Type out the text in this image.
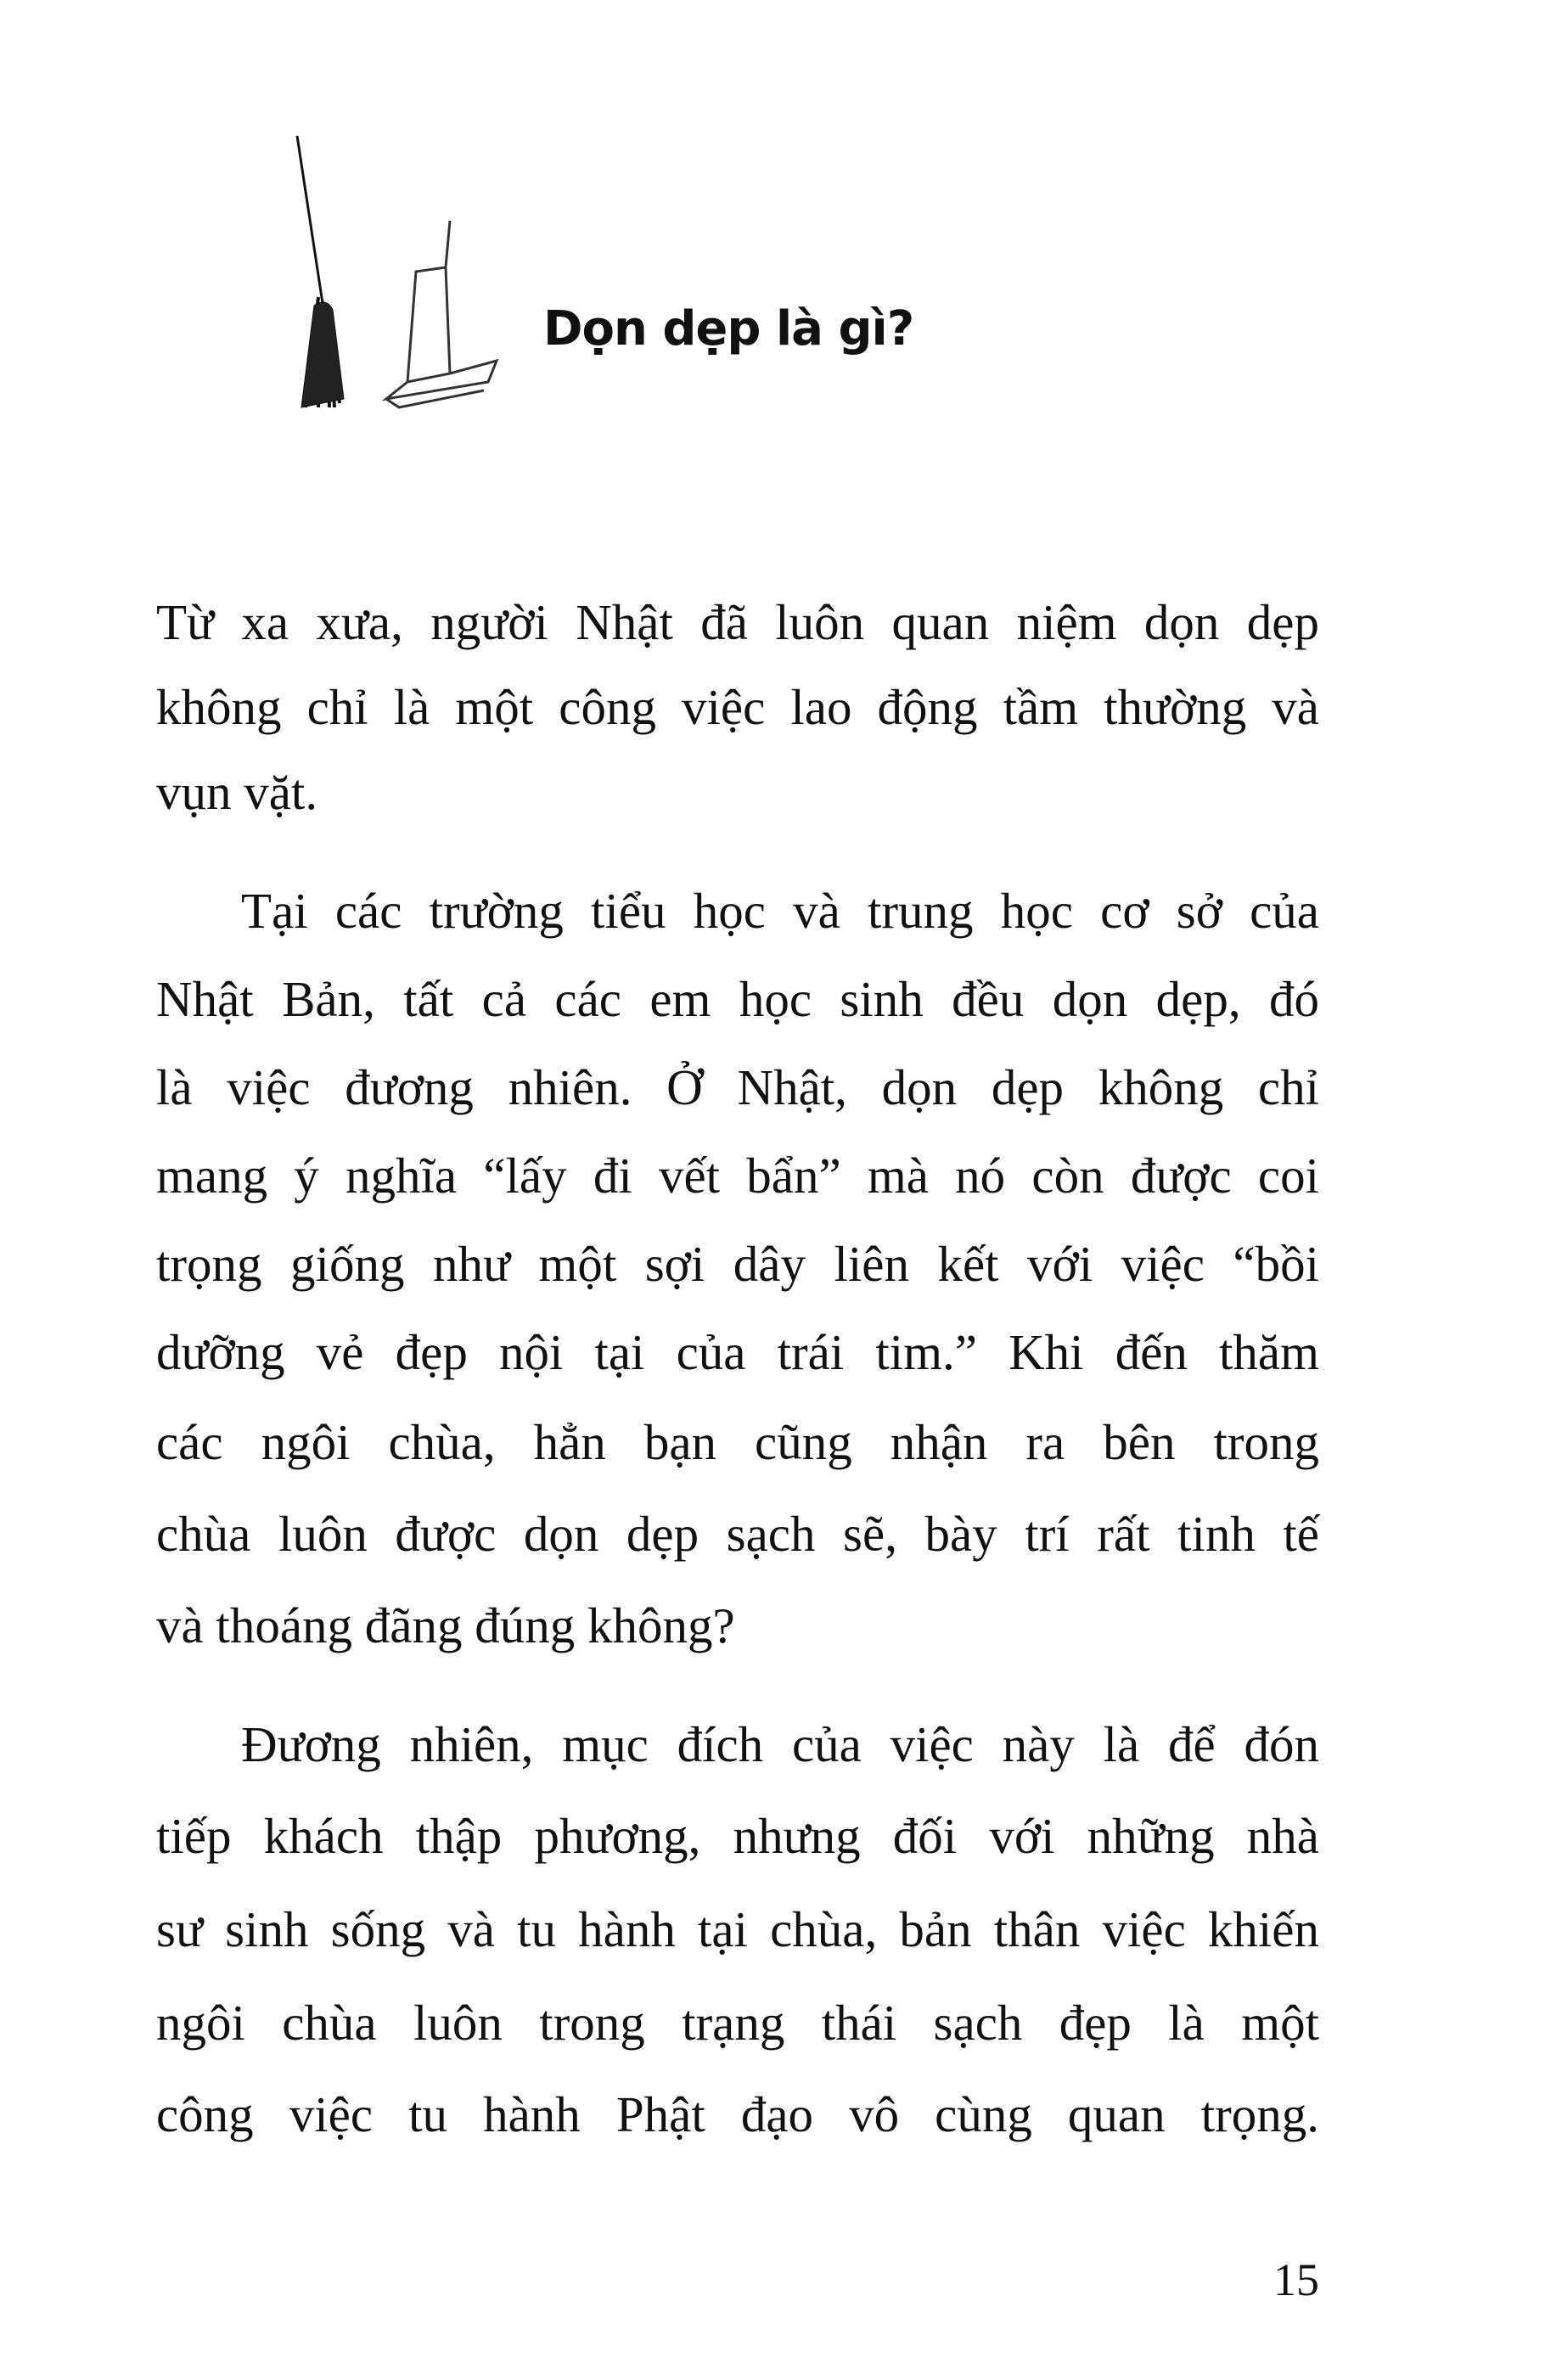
Dọn dẹp là gì?
Từ xa xưa, người Nhật đã luôn quan niệm dọn dẹp
không chỉ là một công việc lao động tầm thường và
vụn vặt.
Tại các trường tiểu học và trung học cơ sở của
Nhật Bản, tất cả các em học sinh đều dọn dẹp, đó
là việc đương nhiên. Ở Nhật, dọn dẹp không chỉ
mang ý nghĩa “lấy đi vết bẩn” mà nó còn được coi
trọng giống như một sợi dây liên kết với việc “bồi
dưỡng vẻ đẹp nội tại của trái tim.” Khi đến thăm
các ngôi chùa, hẳn bạn cũng nhận ra bên trong
chùa luôn được dọn dẹp sạch sẽ, bày trí rất tinh tế
và thoáng đãng đúng không?
Đương nhiên, mục đích của việc này là để đón
tiếp khách thập phương, nhưng đối với những nhà
sư sinh sống và tu hành tại chùa, bản thân việc khiến
ngôi chùa luôn trong trạng thái sạch đẹp là một
công việc tu hành Phật đạo vô cùng quan trọng.
15
